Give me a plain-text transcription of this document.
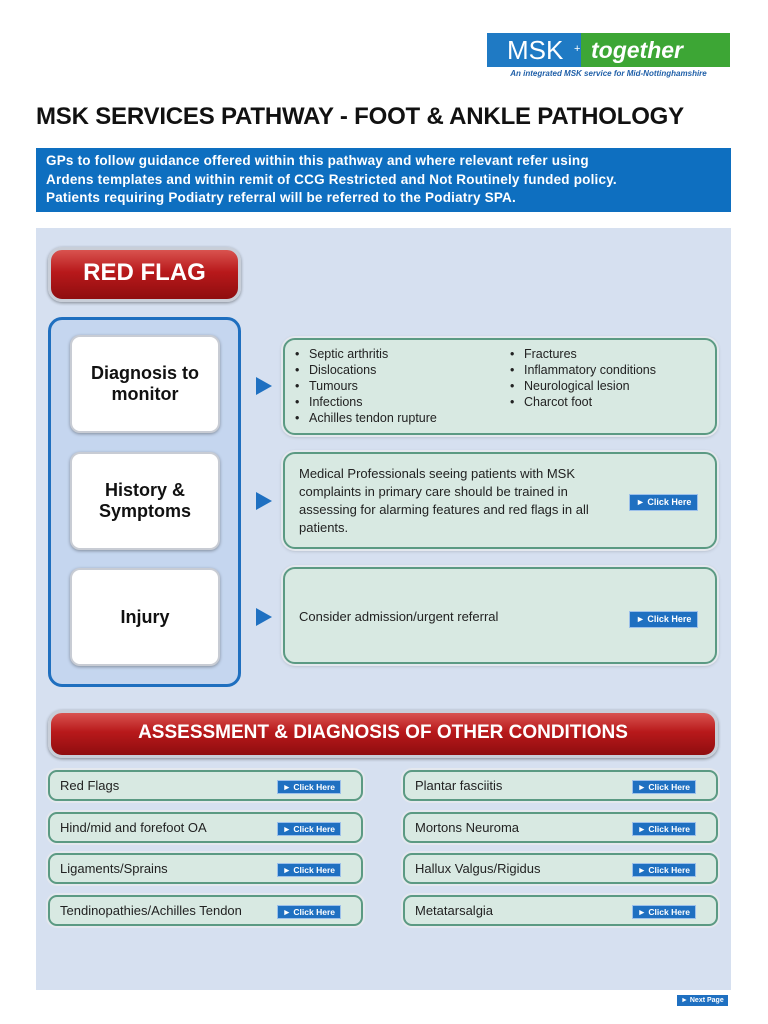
MSK + together
An integrated MSK service for Mid-Nottinghamshire
MSK SERVICES PATHWAY - FOOT & ANKLE PATHOLOGY
GPs to follow guidance offered within this pathway and where relevant refer using
Ardens templates and within remit of CCG Restricted and Not Routinely funded policy.
Patients requiring Podiatry referral will be referred to the Podiatry SPA.
RED FLAG
Diagnosis to
monitor
• Septic arthritis
• Dislocations
• Tumours
• Infections
• Achilles tendon rupture
• Fractures
• Inflammatory conditions
• Neurological lesion
• Charcot foot
History &
Symptoms
Medical Professionals seeing patients with MSK complaints in primary care should be trained in assessing for alarming features and red flags in all patients.
► Click Here
Injury	Consider admission/urgent referral	► Click Here
ASSESSMENT & DIAGNOSIS OF OTHER CONDITIONS
Red Flags	► Click Here
Hind/mid and forefoot OA	► Click Here
Ligaments/Sprains	► Click Here
Tendinopathies/Achilles Tendon	► Click Here
Plantar fasciitis	► Click Here
Mortons Neuroma	► Click Here
Hallux Valgus/Rigidus	► Click Here
Metatarsalgia	► Click Here
► Next Page
